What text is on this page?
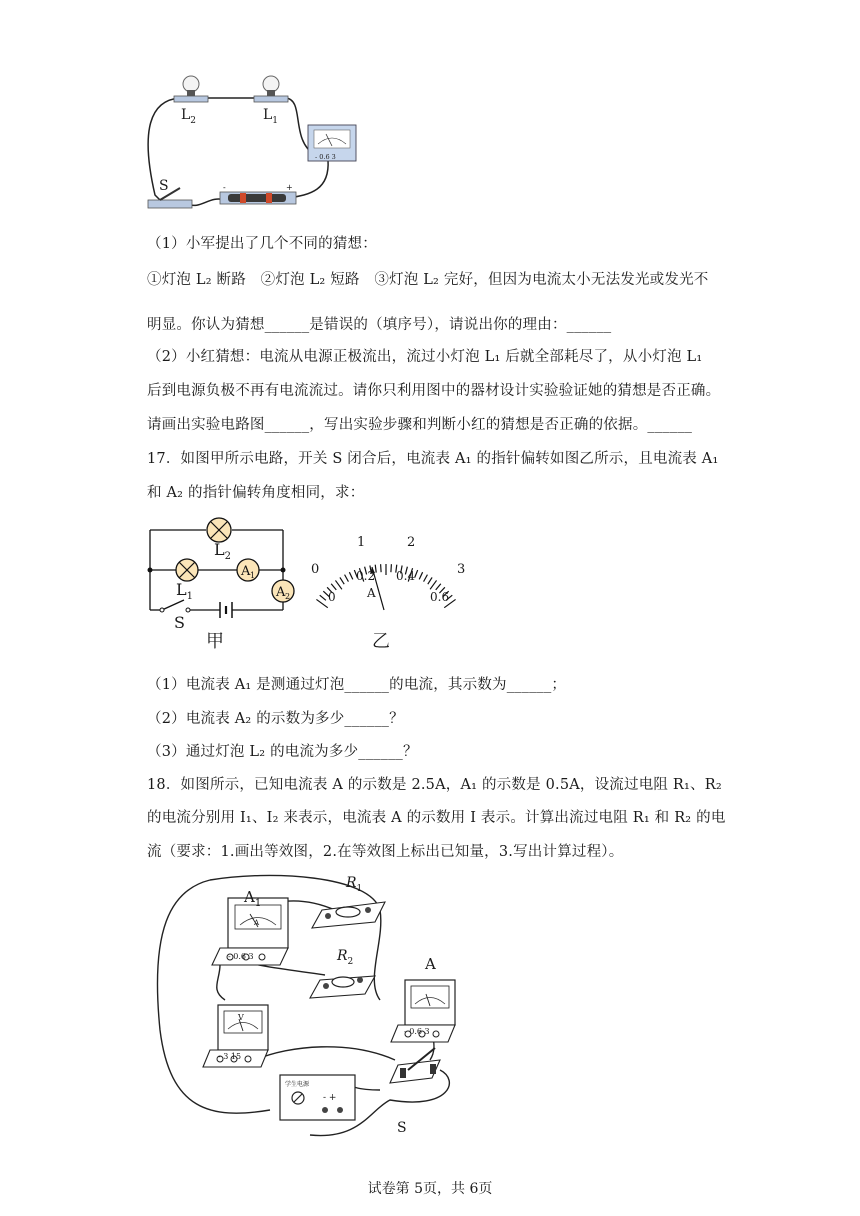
- 0.6 3
-	+
$L_2$	$L_1$
S
（1）小军提出了几个不同的猜想：
①灯泡 L₂ 断路　②灯泡 L₂ 短路　③灯泡 L₂ 完好，但因为电流太小无法发光或发光不
明显。你认为猜想______是错误的（填序号），请说出你的理由：______
（2）小红猜想：电流从电源正极流出，流过小灯泡 L₁ 后就全部耗尽了，从小灯泡 L₁
后到电源负极不再有电流流过。请你只利用图中的器材设计实验验证她的猜想是否正确。
请画出实验电路图______，写出实验步骤和判断小红的猜想是否正确的依据。______
17．如图甲所示电路，开关 S 闭合后，电流表 A₁ 的指针偏转如图乙所示，且电流表 A₁
和 A₂ 的指针偏转角度相同，求：
A 1
A 2
$L_2$
$L_1$
S
甲
0
1	2
3
0
0.2 0.4
0.6
A
乙
（1）电流表 A₁ 是测通过灯泡______的电流，其示数为______；
（2）电流表 A₂ 的示数为多少______？
（3）通过灯泡 L₂ 的电流为多少______？
18．如图所示，已知电流表 A 的示数是 2.5A，A₁ 的示数是 0.5A，设流过电阻 R₁、R₂
的电流分别用 I₁、I₂ 来表示，电流表 A 的示数用 I 表示。计算出流过电阻 R₁ 和 R₂ 的电
流（要求：1.画出等效图，2.在等效图上标出已知量，3.写出计算过程）。
A
$A_1$
$R_1$
$R_2$	A
V
- 0.6 3
- 0.6 3
- 3 15
学生电源
- +
S
试卷第 5页，共 6页
